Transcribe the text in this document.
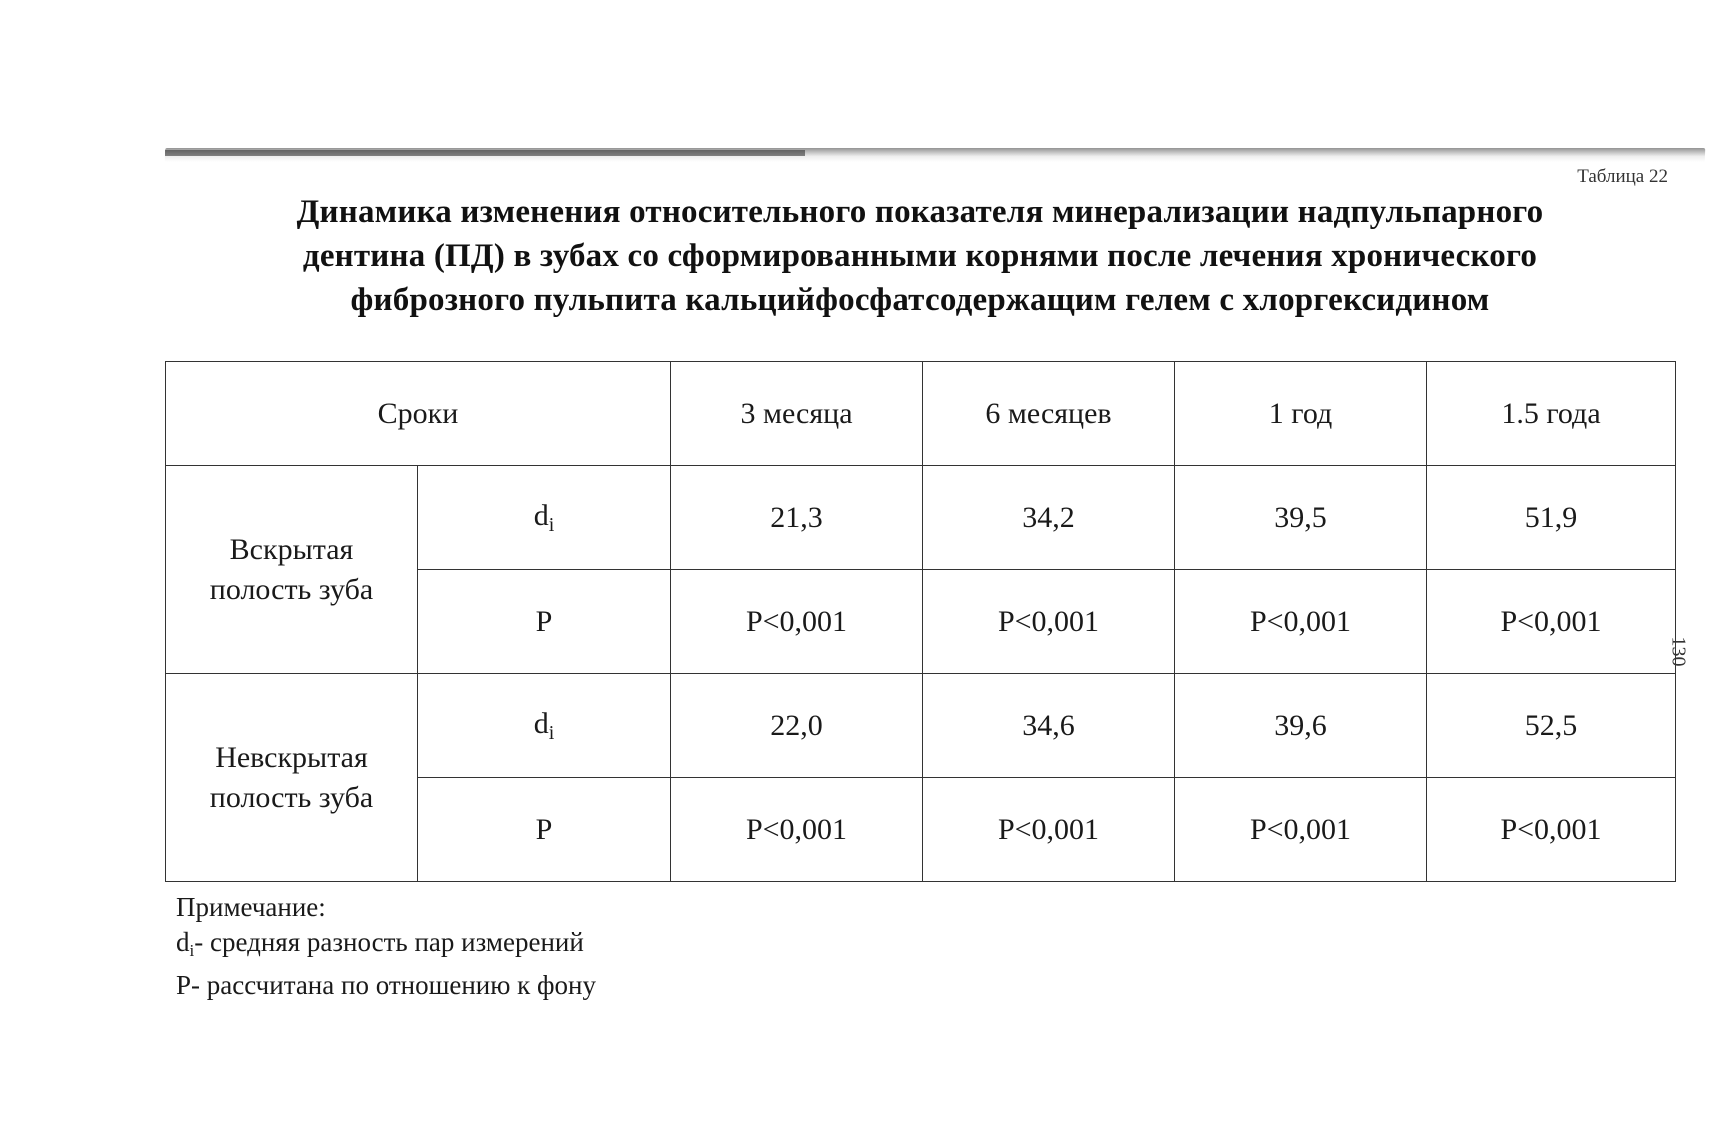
Таблица 22
Динамика изменения относительного показателя минерализации надпульпарного
дентина (ПД) в зубах со сформированными корнями после лечения хронического
фиброзного пульпита кальцийфосфатсодержащим гелем с хлоргексидином
Сроки		3 месяца	6 месяцев	1 год	1.5 года

Вскрытая
полость зуба	$d_i$	21,3	34,2	39,5	51,9
	P	P<0,001	P<0,001	P<0,001	P<0,001

Невскрытая
полость зуба	$d_i$	22,0	34,6	39,6	52,5
	P	P<0,001	P<0,001	P<0,001	P<0,001
Примечание:
di- средняя разность пар измерений
P- рассчитана по отношению к фону
130
